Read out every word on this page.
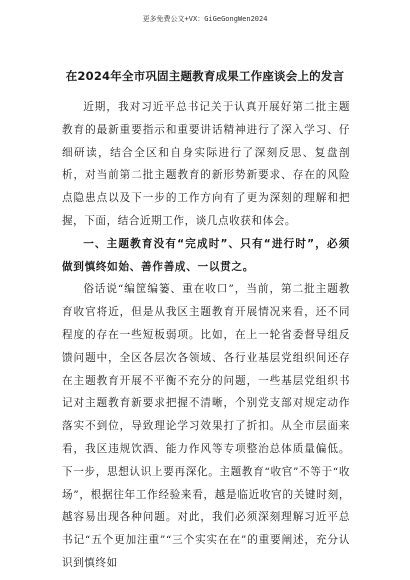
更多免费公文+VX：GiGeGongWen2024
在2024年全市巩固主题教育成果工作座谈会上的发言

近期，我对习近平总书记关于认真开展好第二批主题教育的最新重要指示和重要讲话精神进行了深入学习、仔细研读，结合全区和自身实际进行了深刻反思、复盘剖析，对当前第二批主题教育的新形势新要求、存在的风险点隐患点以及下一步的工作方向有了更为深刻的理解和把握，下面，结合近期工作，谈几点收获和体会。

一、主题教育没有“完成时”、只有“进行时”，必须做到慎终如始、善作善成、一以贯之。

俗话说“编筐编篓、重在收口”，当前，第二批主题教育收官将近，但是从我区主题教育开展情况来看，还不同程度的存在一些短板弱项。比如，在上一轮省委督导组反馈问题中，全区各层次各领域、各行业基层党组织间还存在主题教育开展不平衡不充分的问题，一些基层党组织书记对主题教育新要求把握不清晰，个别党支部对规定动作落实不到位，导致理论学习效果打了折扣。从全市层面来看，我区违规饮酒、能力作风等专项整治总体质量偏低。下一步，思想认识上要再深化。主题教育“收官”不等于“收场”，根据往年工作经验来看，越是临近收官的关键时刻，越容易出现各种问题。对此，我们必须深刻理解习近平总书记“五个更加注重”“三个实实在在”的重要阐述，充分认识到慎终如
